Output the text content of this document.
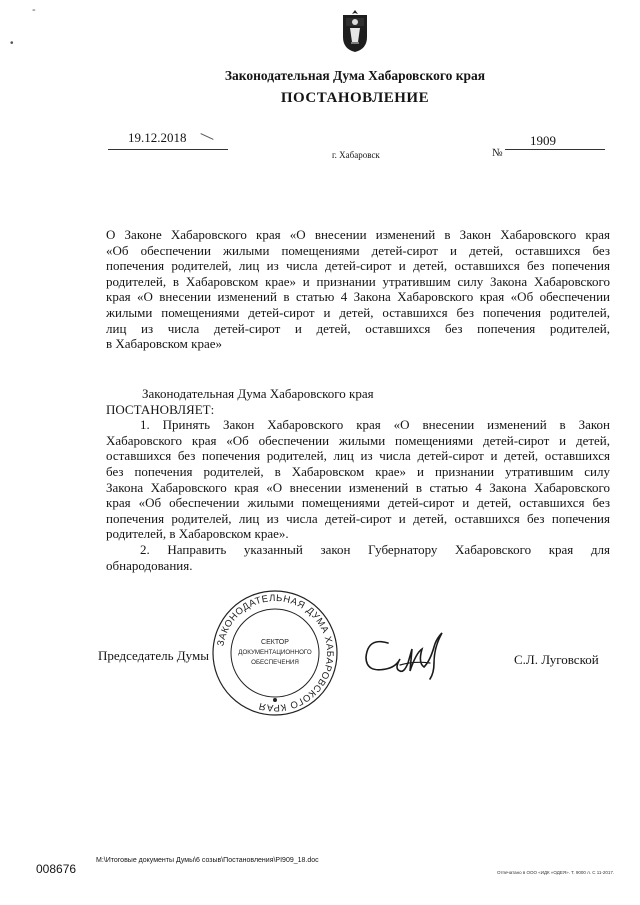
-
•
Законодательная Дума Хабаровского края
ПОСТАНОВЛЕНИЕ
19.12.2018
г. Хабаровск	№
1909
О Законе Хабаровского края «О внесении изменений в Закон Хабаровского края
«Об обеспечении жилыми помещениями детей-сирот и детей, оставшихся без
попечения родителей, лиц из числа детей-сирот и детей, оставшихся без попечения
родителей, в Хабаровском крае» и признании утратившим силу Закона Хабаровского
края «О внесении изменений в статью 4 Закона Хабаровского края «Об обеспечении
жилыми помещениями детей-сирот и детей, оставшихся без попечения родителей,
лиц из числа детей-сирот и детей, оставшихся без попечения родителей,
в Хабаровском крае»
Законодательная Дума Хабаровского края
ПОСТАНОВЛЯЕТ:
1. Принять Закон Хабаровского края «О внесении изменений в Закон
Хабаровского края «Об обеспечении жилыми помещениями детей-сирот и детей,
оставшихся без попечения родителей, лиц из числа детей-сирот и детей, оставшихся
без попечения родителей, в Хабаровском крае» и признании утратившим силу
Закона Хабаровского края «О внесении изменений в статью 4 Закона Хабаровского
края «Об обеспечении жилыми помещениями детей-сирот и детей, оставшихся без
попечения родителей, лиц из числа детей-сирот и детей, оставшихся без попечения
родителей, в Хабаровском крае».
2. Направить указанный закон Губернатору Хабаровского края для
обнародования.
ЗАКОНОДАТЕЛЬНАЯ ДУМА ХАБАРОВСКОГО КРАЯ
СЕКТОР
ДОКУМЕНТАЦИОННОГО
ОБЕСПЕЧЕНИЯ
Председатель Думы	С.Л. Луговской
008676
M:\Итоговые документы Думы\6 созыв\Постановления\PI909_18.doc
Отпечатано в ООО «ИДК «ОДЕЯ». Т. 9000 л. С 11-2017.
